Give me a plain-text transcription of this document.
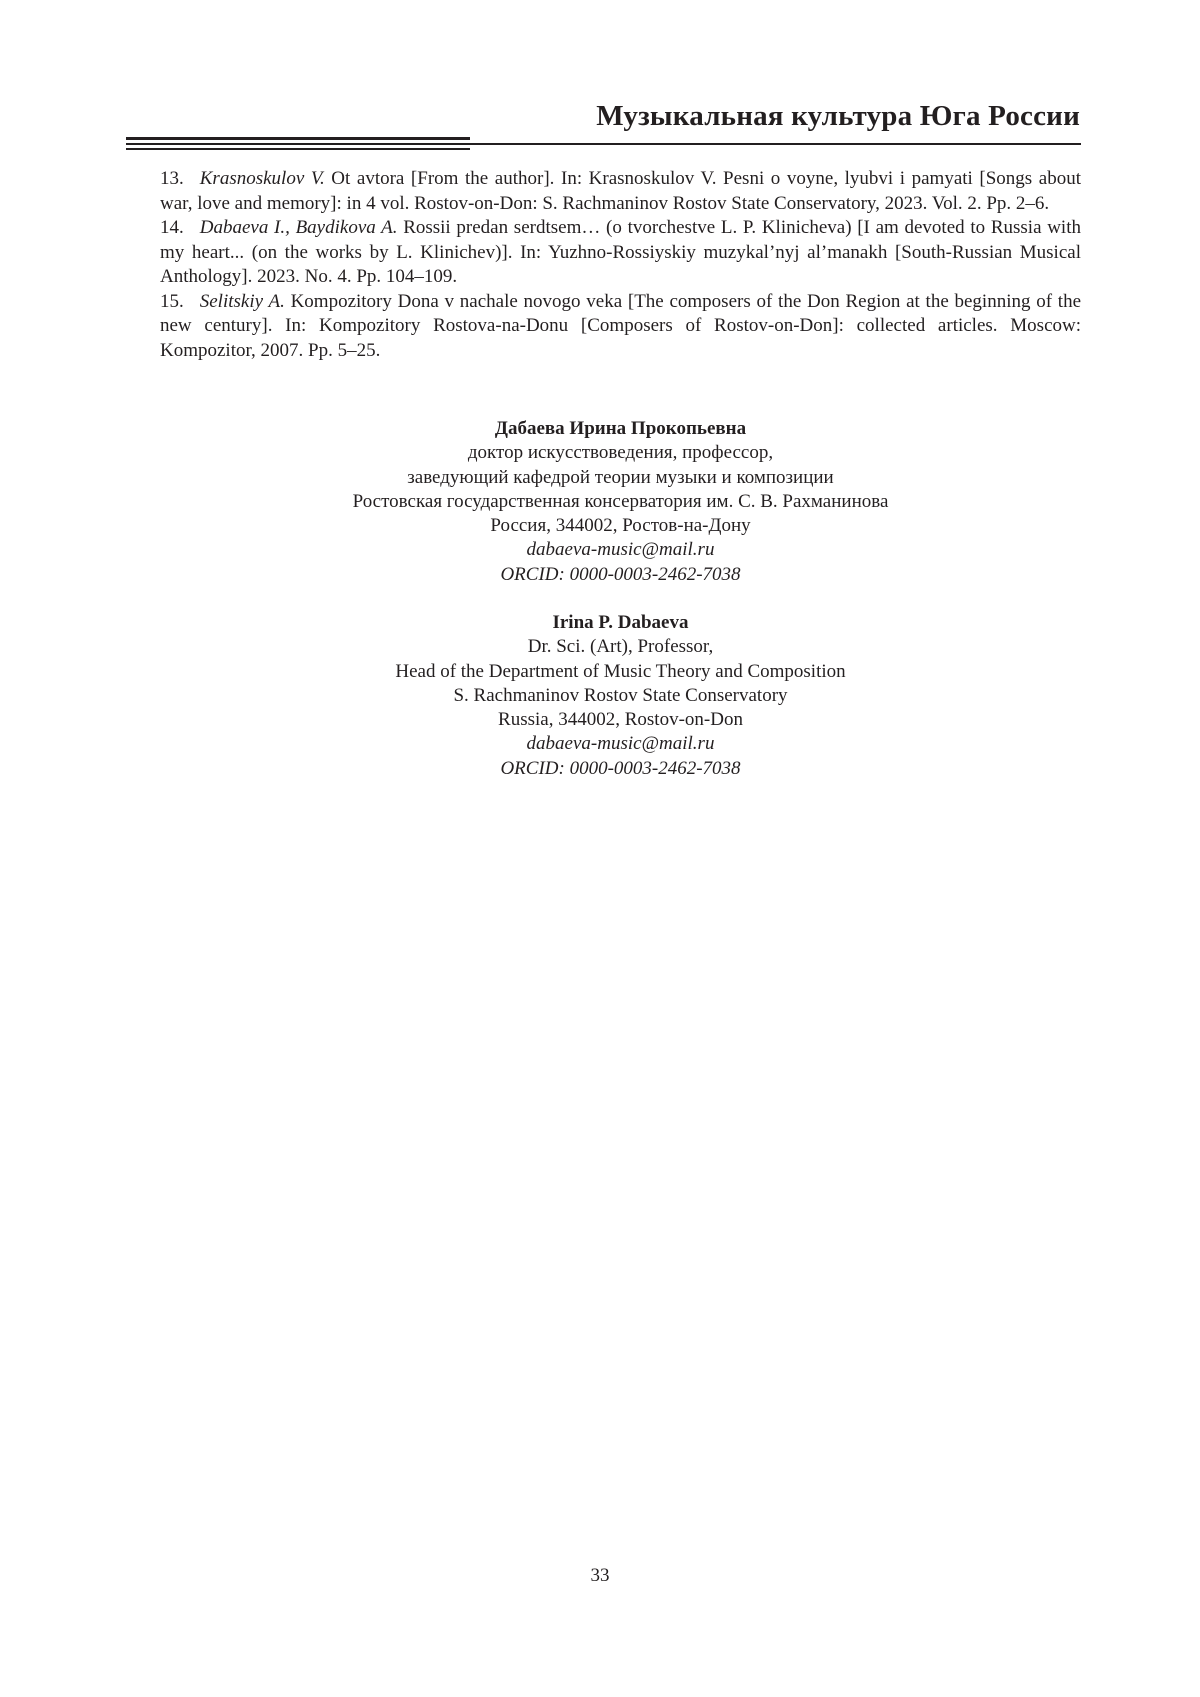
Музыкальная культура Юга России
13. Krasnoskulov V. Ot avtora [From the author]. In: Krasnoskulov V. Pesni o voyne, lyubvi i pamyati [Songs about war, love and memory]: in 4 vol. Rostov-on-Don: S. Rachmaninov Rostov State Conservatory, 2023. Vol. 2. Pp. 2–6.
14. Dabaeva I., Baydikova A. Rossii predan serdtsem… (o tvorchestve L. P. Klinicheva) [I am devoted to Russia with my heart... (on the works by L. Klinichev)]. In: Yuzhno-Rossiyskiy muzykal’nyj al’manakh [South-Russian Musical Anthology]. 2023. No. 4. Pp. 104–109.
15. Selitskiy A. Kompozitory Dona v nachale novogo veka [The composers of the Don Region at the beginning of the new century]. In: Kompozitory Rostova-na-Donu [Composers of Rostov-on-Don]: collected articles. Moscow: Kompozitor, 2007. Pp. 5–25.
Дабаева Ирина Прокопьевна
доктор искусствоведения, профессор,
заведующий кафедрой теории музыки и композиции
Ростовская государственная консерватория им. С. В. Рахманинова
Россия, 344002, Ростов-на-Дону
dabaeva-music@mail.ru
ORCID: 0000-0003-2462-7038
Irina P. Dabaeva
Dr. Sci. (Art), Professor,
Head of the Department of Music Theory and Composition
S. Rachmaninov Rostov State Conservatory
Russia, 344002, Rostov-on-Don
dabaeva-music@mail.ru
ORCID: 0000-0003-2462-7038
33
